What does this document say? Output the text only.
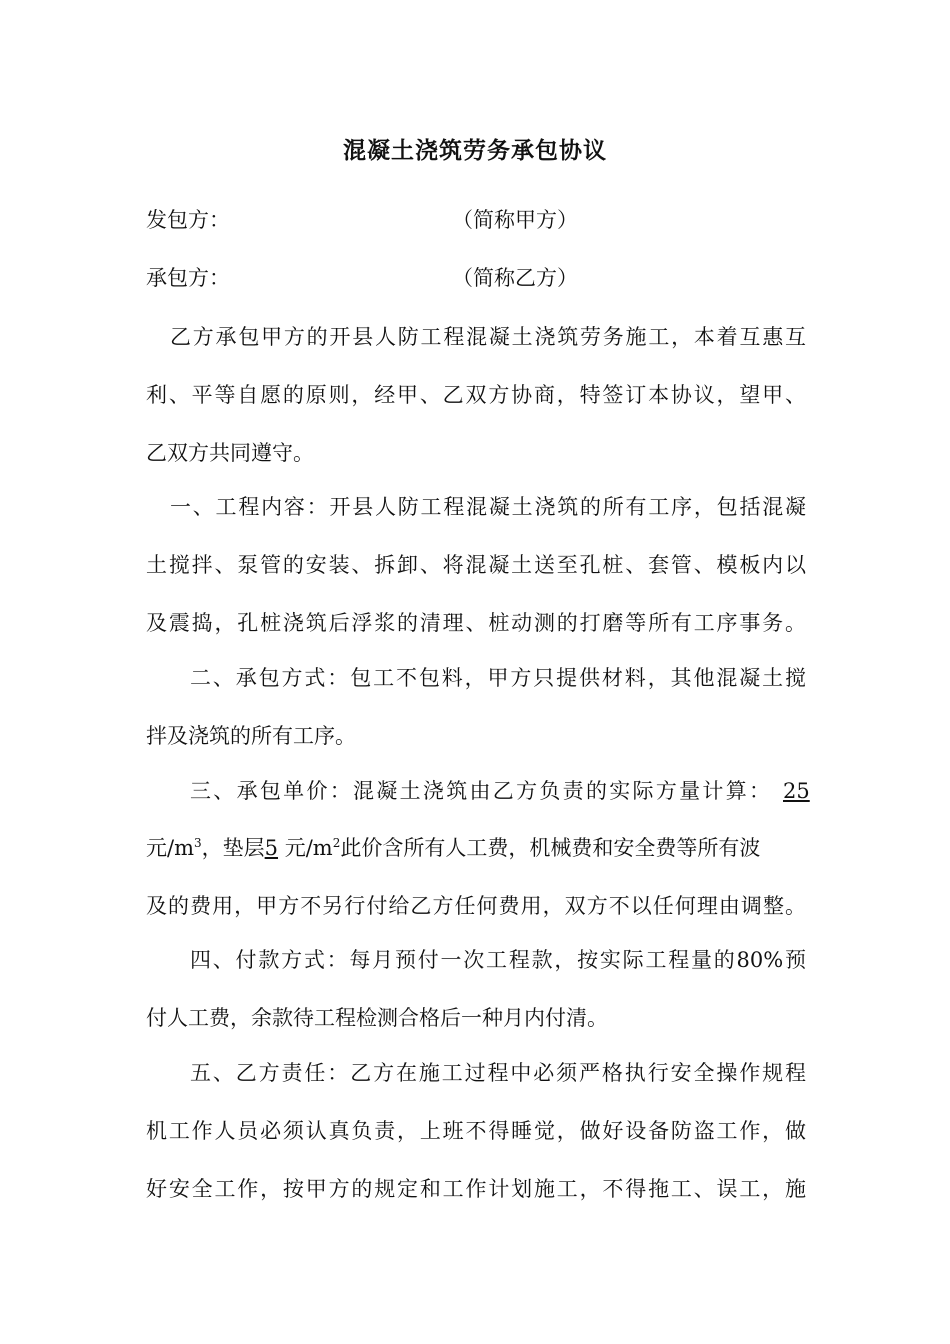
混凝土浇筑劳务承包协议
发包方：	（简称甲方）
承包方：	（简称乙方）
乙方承包甲方的开县人防工程混凝土浇筑劳务施工，本着互惠互
利、平等自愿的原则，经甲、乙双方协商，特签订本协议，望甲、
乙双方共同遵守。
一、工程内容：开县人防工程混凝土浇筑的所有工序，包括混凝
土搅拌、泵管的安装、拆卸、将混凝土送至孔桩、套管、模板内以
及震捣，孔桩浇筑后浮浆的清理、桩动测的打磨等所有工序事务。
二、承包方式：包工不包料，甲方只提供材料，其他混凝土搅
拌及浇筑的所有工序。
三、承包单价：混凝土浇筑由乙方负责的实际方量计算： 25
元$/m^3$，垫层5 元$/m^2$此价含所有人工费，机械费和安全费等所有波
及的费用，甲方不另行付给乙方任何费用，双方不以任何理由调整。
四、付款方式：每月预付一次工程款，按实际工程量的80%预
付人工费，余款待工程检测合格后一种月内付清。
五、乙方责任：乙方在施工过程中必须严格执行安全操作规程
机工作人员必须认真负责，上班不得睡觉，做好设备防盗工作，做
好安全工作，按甲方的规定和工作计划施工，不得拖工、误工，施
